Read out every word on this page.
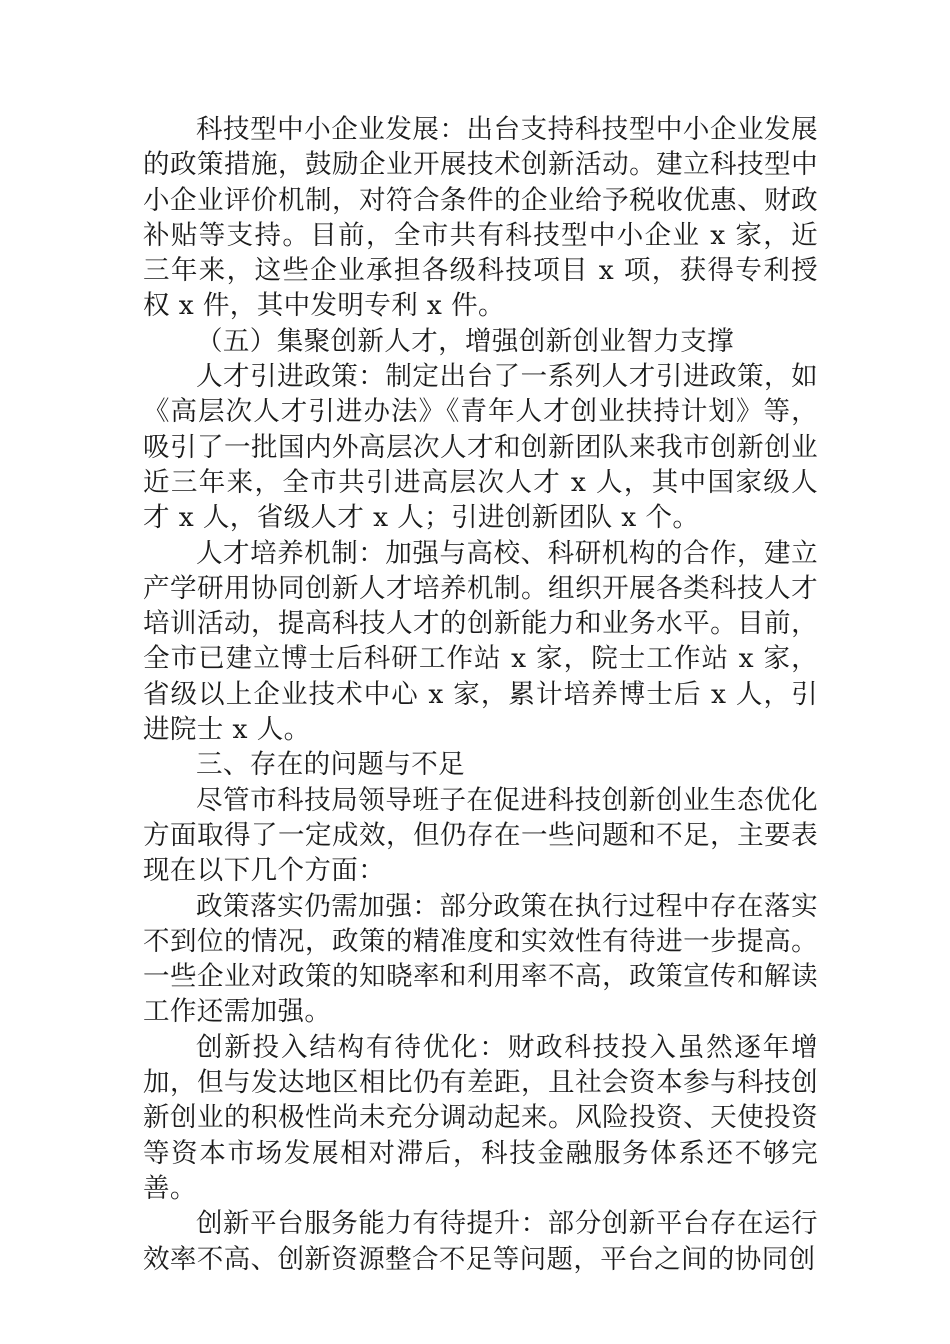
科技型中小企业发展：出台支持科技型中小企业发展的政策措施，鼓励企业开展技术创新活动。建立科技型中小企业评价机制，对符合条件的企业给予税收优惠、财政补贴等支持。目前，全市共有科技型中小企业 x 家，近三年来，这些企业承担各级科技项目 x 项，获得专利授权 x 件，其中发明专利 x 件。

（五）集聚创新人才，增强创新创业智力支撑

人才引进政策：制定出台了一系列人才引进政策，如《高层次人才引进办法》《青年人才创业扶持计划》等，吸引了一批国内外高层次人才和创新团队来我市创新创业近三年来，全市共引进高层次人才 x 人，其中国家级人才 x 人，省级人才 x 人；引进创新团队 x 个。

人才培养机制：加强与高校、科研机构的合作，建立产学研用协同创新人才培养机制。组织开展各类科技人才培训活动，提高科技人才的创新能力和业务水平。目前，全市已建立博士后科研工作站 x 家，院士工作站 x 家，省级以上企业技术中心 x 家，累计培养博士后 x 人，引进院士 x 人。

三、存在的问题与不足

尽管市科技局领导班子在促进科技创新创业生态优化方面取得了一定成效，但仍存在一些问题和不足，主要表现在以下几个方面：

政策落实仍需加强：部分政策在执行过程中存在落实不到位的情况，政策的精准度和实效性有待进一步提高。一些企业对政策的知晓率和利用率不高，政策宣传和解读工作还需加强。

创新投入结构有待优化：财政科技投入虽然逐年增加，但与发达地区相比仍有差距，且社会资本参与科技创新创业的积极性尚未充分调动起来。风险投资、天使投资等资本市场发展相对滞后，科技金融服务体系还不够完善。

创新平台服务能力有待提升：部分创新平台存在运行效率不高、创新资源整合不足等问题，平台之间的协同创
